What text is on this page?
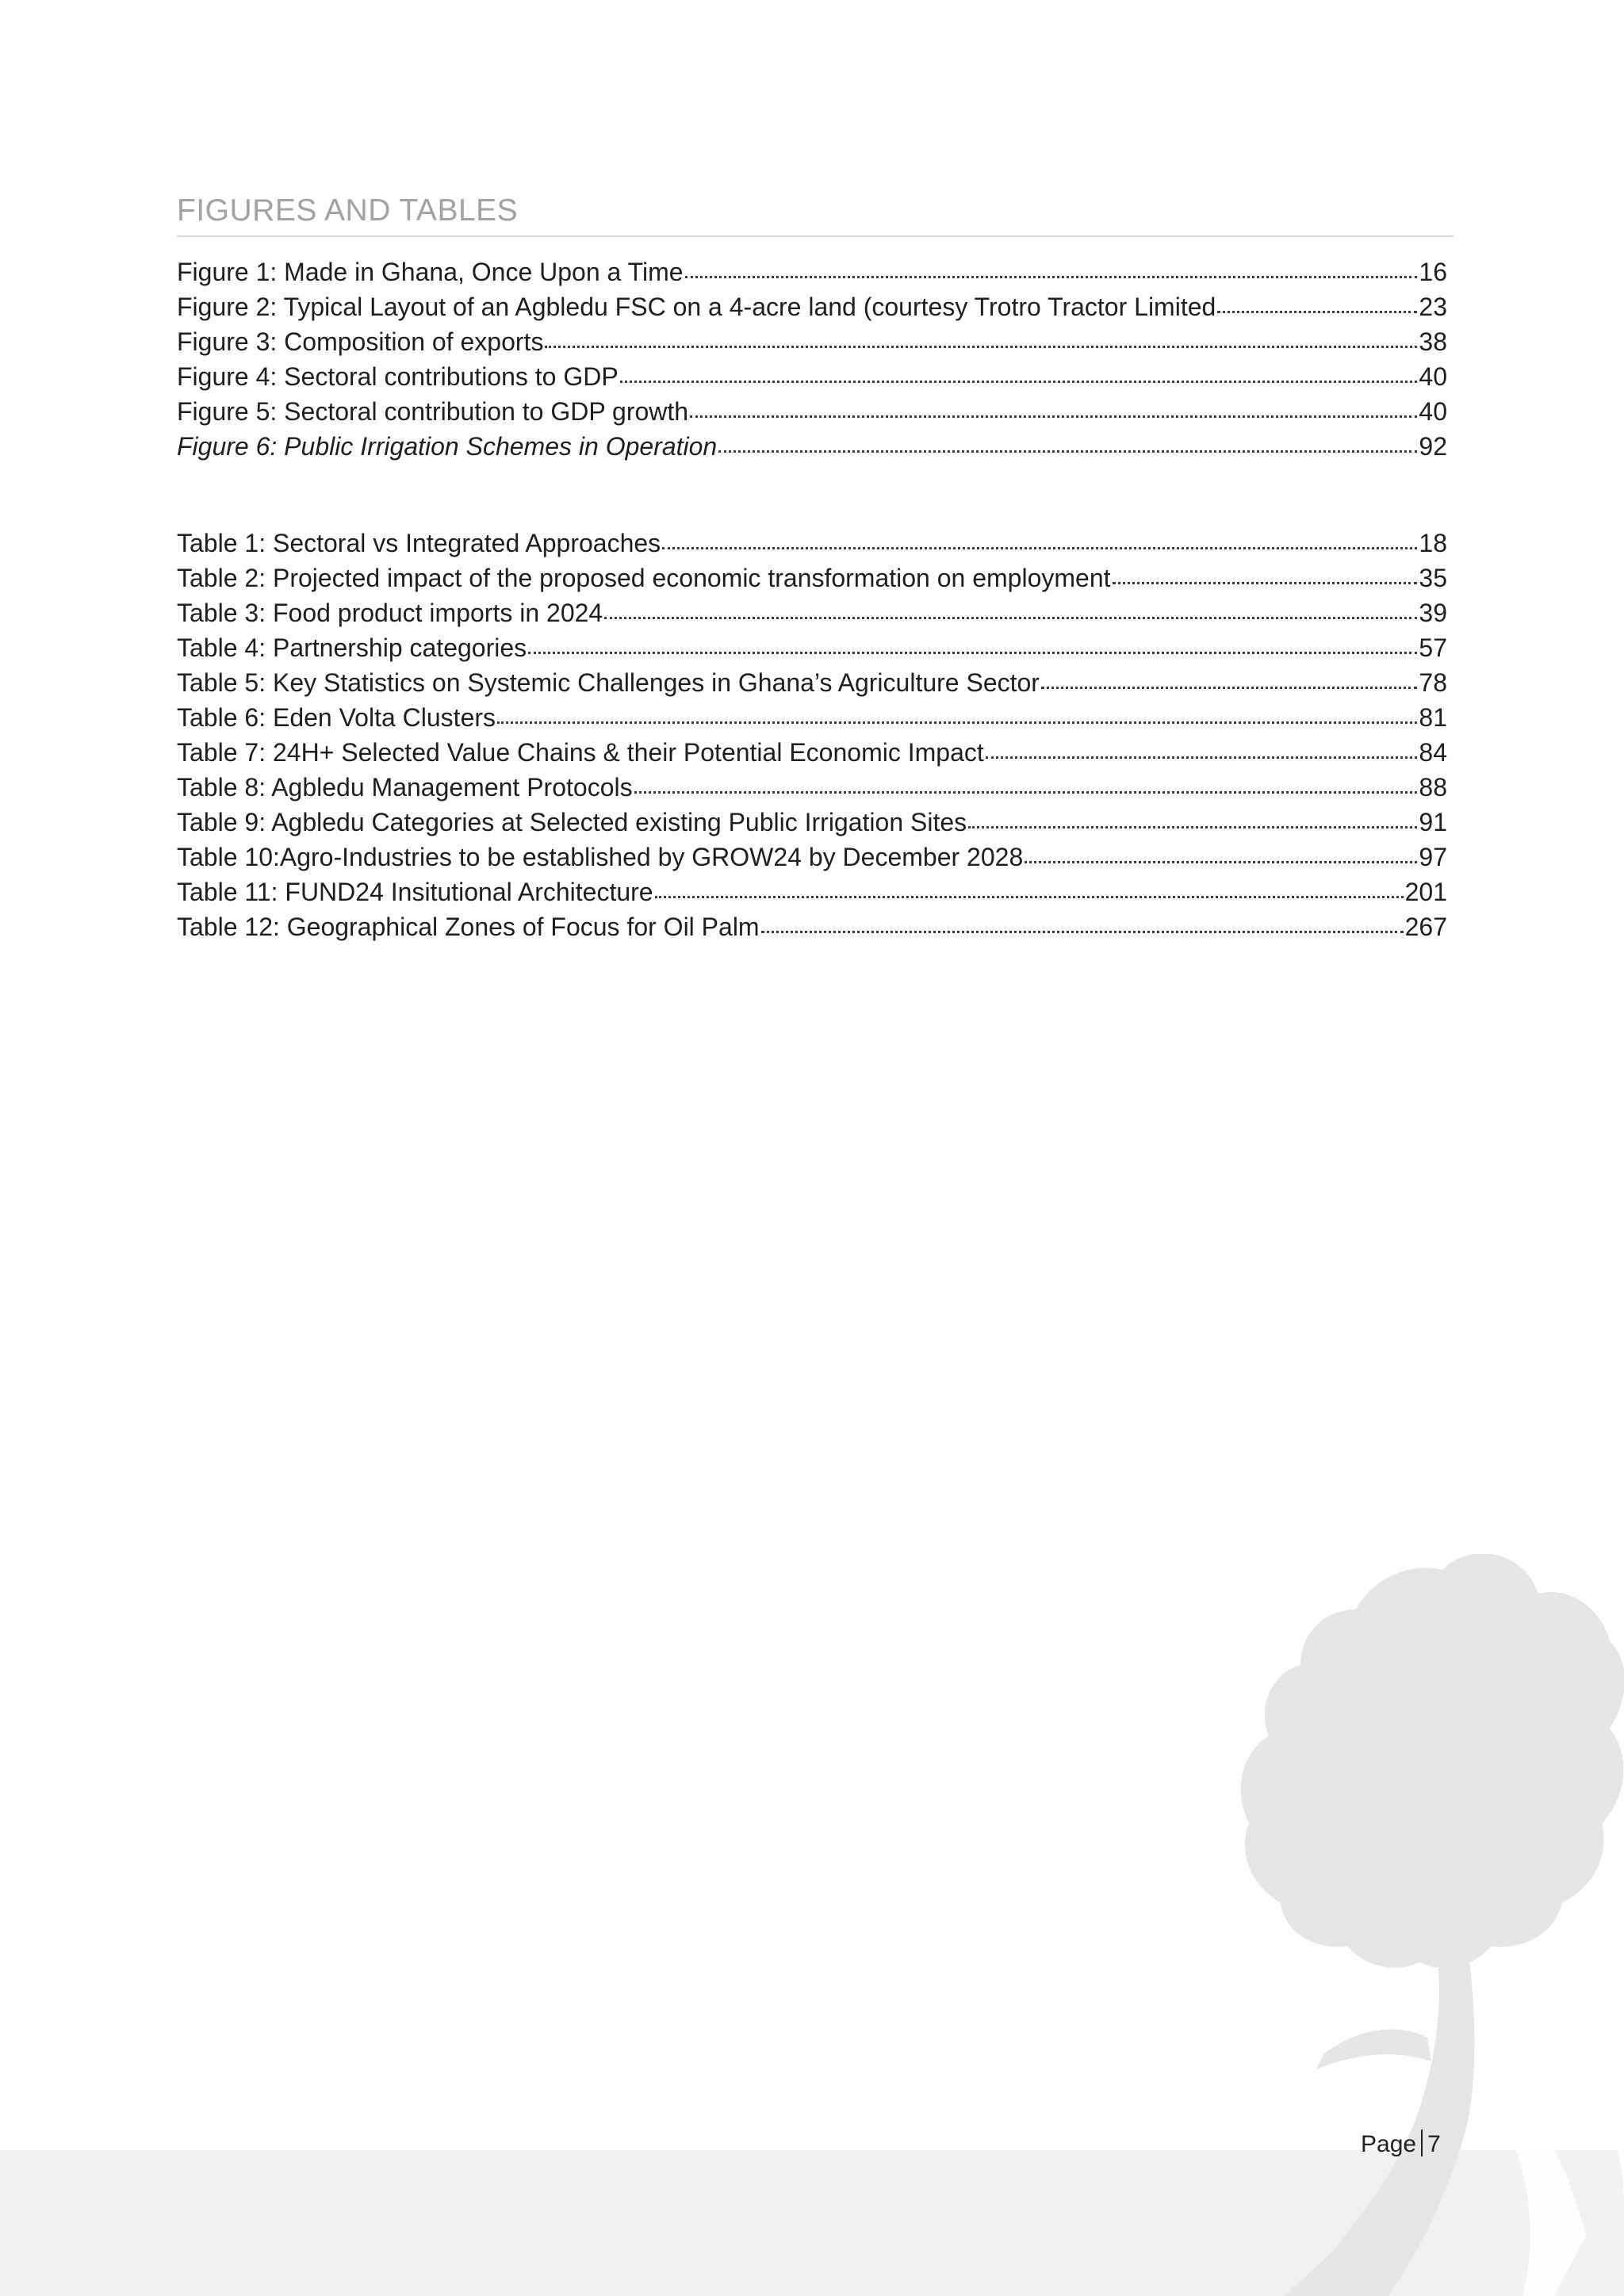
FIGURES AND TABLES
Figure 1: Made in Ghana, Once Upon a Time	16
Figure 2: Typical Layout of an Agbledu FSC on a 4-acre land (courtesy Trotro Tractor Limited	23
Figure 3: Composition of exports	38
Figure 4: Sectoral contributions to GDP	40
Figure 5: Sectoral contribution to GDP growth	40
Figure 6: Public Irrigation Schemes in Operation	92
Table 1: Sectoral vs Integrated Approaches	18
Table 2: Projected impact of the proposed economic transformation on employment	35
Table 3: Food product imports in 2024	39
Table 4: Partnership categories	57
Table 5: Key Statistics on Systemic Challenges in Ghana’s Agriculture Sector	78
Table 6: Eden Volta Clusters	81
Table 7: 24H+ Selected Value Chains & their Potential Economic Impact	84
Table 8: Agbledu Management Protocols	88
Table 9: Agbledu Categories at Selected existing Public Irrigation Sites	91
Table 10:Agro-Industries to be established by GROW24 by December 2028	97
Table 11: FUND24 Insitutional Architecture	201
Table 12: Geographical Zones of Focus for Oil Palm	267
Page 7
